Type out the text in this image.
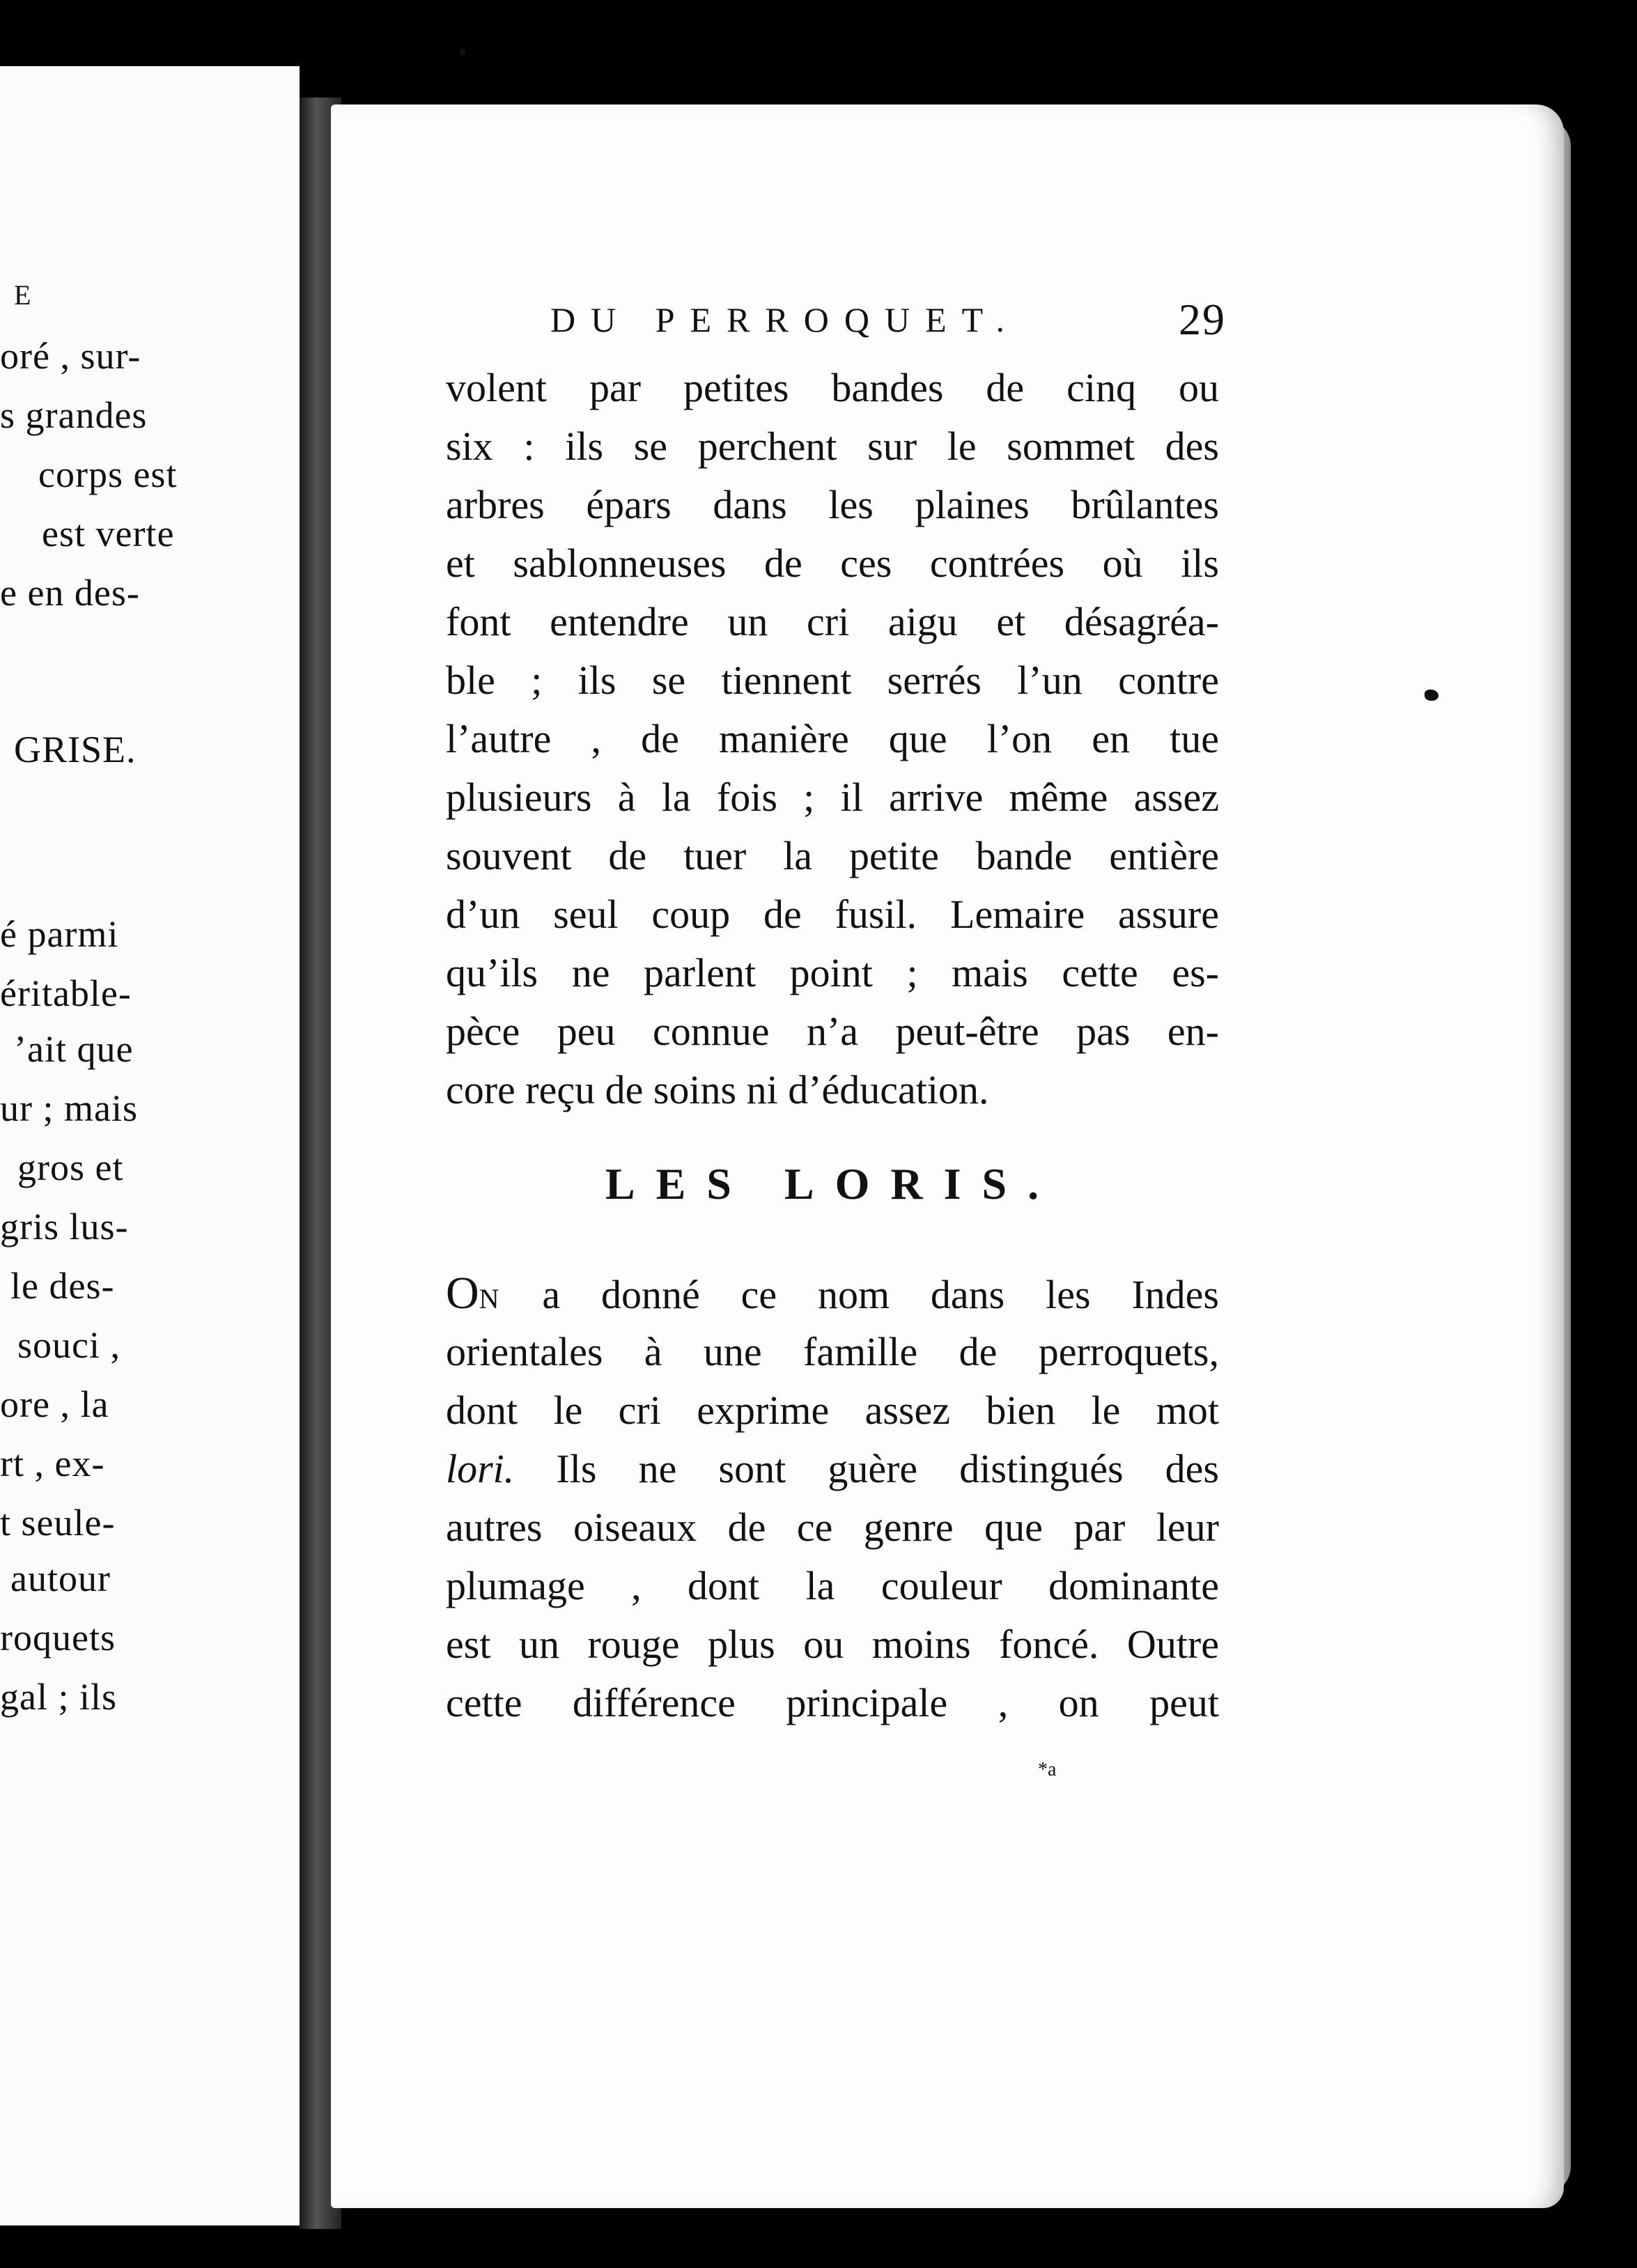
E
oré , sur-
s grandes
corps est
est verte
e en des-
GRISE.
é parmi
éritable-
’ait que
ur ; mais
gros et
gris lus-
le des-
souci ,
ore , la
rt , ex-
t seule-
autour
roquets
gal ; ils
DU PERROQUET.	29
volent par petites bandes de cinq ou
six : ils se perchent sur le sommet des
arbres épars dans les plaines brûlantes
et sablonneuses de ces contrées où ils
font entendre un cri aigu et désagréa-
ble ; ils se tiennent serrés l’un contre
l’autre , de manière que l’on en tue
plusieurs à la fois ; il arrive même assez
souvent de tuer la petite bande entière
d’un seul coup de fusil. Lemaire assure
qu’ils ne parlent point ; mais cette es-
pèce peu connue n’a peut-être pas en-
core reçu de soins ni d’éducation.
LES LORIS.
ON a donné ce nom dans les Indes
orientales à une famille de perroquets,
dont le cri exprime assez bien le mot
lori. Ils ne sont guère distingués des
autres oiseaux de ce genre que par leur
plumage , dont la couleur dominante
est un rouge plus ou moins foncé. Outre
cette différence principale , on peut
*a
